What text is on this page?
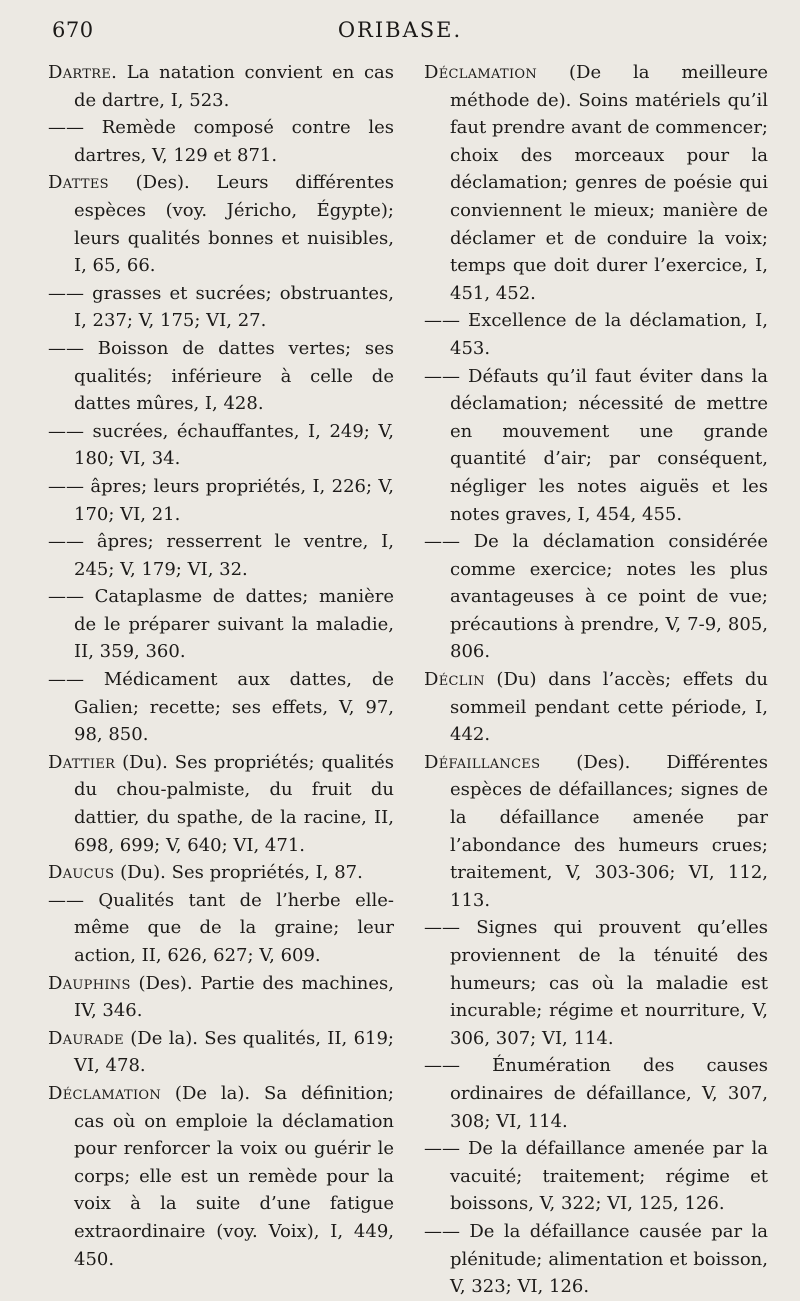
670	ORIBASE.

Dartre. La natation convient en cas de dartre, I, 523.

—— Remède composé contre les dartres, V, 129 et 871.

Dattes (Des). Leurs différentes espèces (voy. Jéricho, Égypte); leurs qualités bonnes et nuisibles, I, 65, 66.

—— grasses et sucrées; obstruantes, I, 237; V, 175; VI, 27.

—— Boisson de dattes vertes; ses qualités; inférieure à celle de dattes mûres, I, 428.

—— sucrées, échauffantes, I, 249; V, 180; VI, 34.

—— âpres; leurs propriétés, I, 226; V, 170; VI, 21.

—— âpres; resserrent le ventre, I, 245; V, 179; VI, 32.

—— Cataplasme de dattes; manière de le préparer suivant la maladie, II, 359, 360.

—— Médicament aux dattes, de Galien; recette; ses effets, V, 97, 98, 850.

Dattier (Du). Ses propriétés; qualités du chou-palmiste, du fruit du dattier, du spathe, de la racine, II, 698, 699; V, 640; VI, 471.

Daucus (Du). Ses propriétés, I, 87.

—— Qualités tant de l’herbe elle-même que de la graine; leur action, II, 626, 627; V, 609.

Dauphins (Des). Partie des machines, IV, 346.

Daurade (De la). Ses qualités, II, 619; VI, 478.

Déclamation (De la). Sa définition; cas où on emploie la déclamation pour renforcer la voix ou guérir le corps; elle est un remède pour la voix à la suite d’une fatigue extraordinaire (voy. Voix), I, 449, 450.

Déclamation (De la meilleure méthode de). Soins matériels qu’il faut prendre avant de commencer; choix des morceaux pour la déclamation; genres de poésie qui conviennent le mieux; manière de déclamer et de conduire la voix; temps que doit durer l’exercice, I, 451, 452.

—— Excellence de la déclamation, I, 453.

—— Défauts qu’il faut éviter dans la déclamation; nécessité de mettre en mouvement une grande quantité d’air; par conséquent, négliger les notes aiguës et les notes graves, I, 454, 455.

—— De la déclamation considérée comme exercice; notes les plus avantageuses à ce point de vue; précautions à prendre, V, 7-9, 805, 806.

Déclin (Du) dans l’accès; effets du sommeil pendant cette période, I, 442.

Défaillances (Des). Différentes espèces de défaillances; signes de la défaillance amenée par l’abondance des humeurs crues; traitement, V, 303-306; VI, 112, 113.

—— Signes qui prouvent qu’elles proviennent de la ténuité des humeurs; cas où la maladie est incurable; régime et nourriture, V, 306, 307; VI, 114.

—— Énumération des causes ordinaires de défaillance, V, 307, 308; VI, 114.

—— De la défaillance amenée par la vacuité; traitement; régime et boissons, V, 322; VI, 125, 126.

—— De la défaillance causée par la plénitude; alimentation et boisson, V, 323; VI, 126.
